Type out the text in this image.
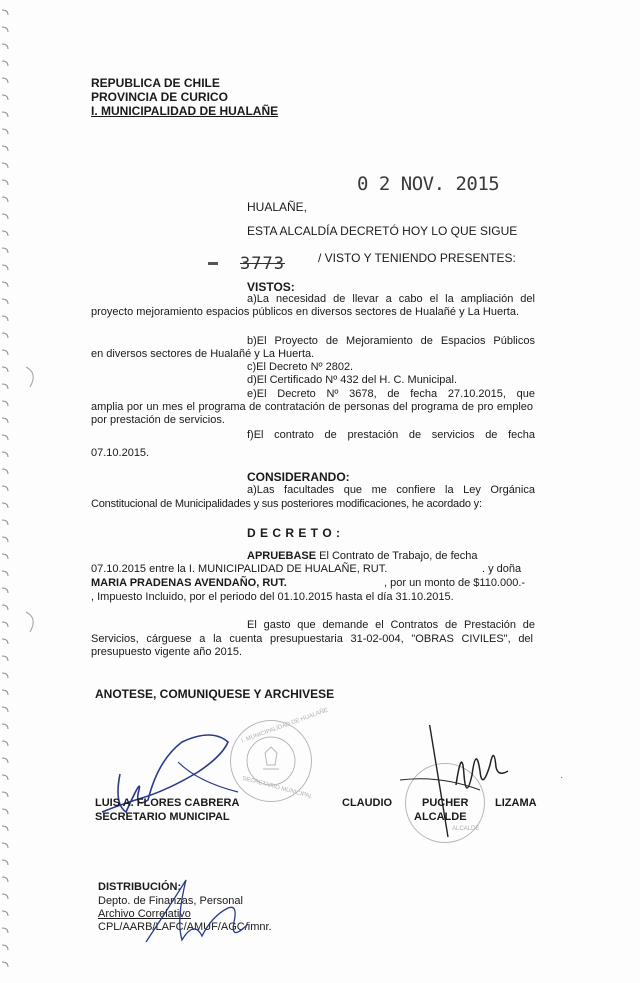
REPUBLICA DE CHILE
PROVINCIA DE CURICO
I. MUNICIPALIDAD DE HUALAÑE
0 2 NOV. 2015
HUALAÑE,
ESTA ALCALDÍA DECRETÓ HOY LO QUE SIGUE
▬ 3773	/ VISTO Y TENIENDO PRESENTES:
VISTOS:
a)La necesidad de llevar a cabo el la ampliación del
proyecto mejoramiento espacios públicos en diversos sectores de Hualañé y La Huerta.
b)El Proyecto de Mejoramiento de Espacios Públicos
en diversos sectores de Hualañé y La Huerta.
c)El Decreto Nº 2802.
d)El Certificado Nº 432 del H. C. Municipal.
e)El Decreto Nº 3678, de fecha 27.10.2015, que
amplia por un mes el programa de contratación de personas del programa de pro empleo por prestación de servicios.
f)El contrato de prestación de servicios de fecha
07.10.2015.
CONSIDERANDO:
a)Las facultades que me confiere la Ley Orgánica
Constitucional de Municipalidades y sus posteriores modificaciones, he acordado y:
D E C R E T O :
APRUEBASE El Contrato de Trabajo, de fecha
07.10.2015 entre la I. MUNICIPALIDAD DE HUALAÑE, RUT.	. y doña
MARIA PRADENAS AVENDAÑO, RUT.	, por un monto de $110.000.-
, Impuesto Incluido, por el periodo del 01.10.2015 hasta el día 31.10.2015.
El gasto que demande el Contratos de Prestación de
Servicios, cárguese a la cuenta presupuestaria 31-02-004, "OBRAS CIVILES", del presupuesto vigente año 2015.
ANOTESE, COMUNIQUESE Y ARCHIVESE
I. MUNICIPALIDAD DE HUALAÑE
SECRETARIO MUNICIPAL
LUIS A. FLORES CABRERA
SECRETARIO MUNICIPAL
ALCALDE
CLAUDIO	PUCHER LIZAMA
ALCALDE
DISTRIBUCIÓN:
Depto. de Finanzas, Personal
Archivo Correlativo
CPL/AARB/LAFC/AMUF/AGC/imnr.
·
